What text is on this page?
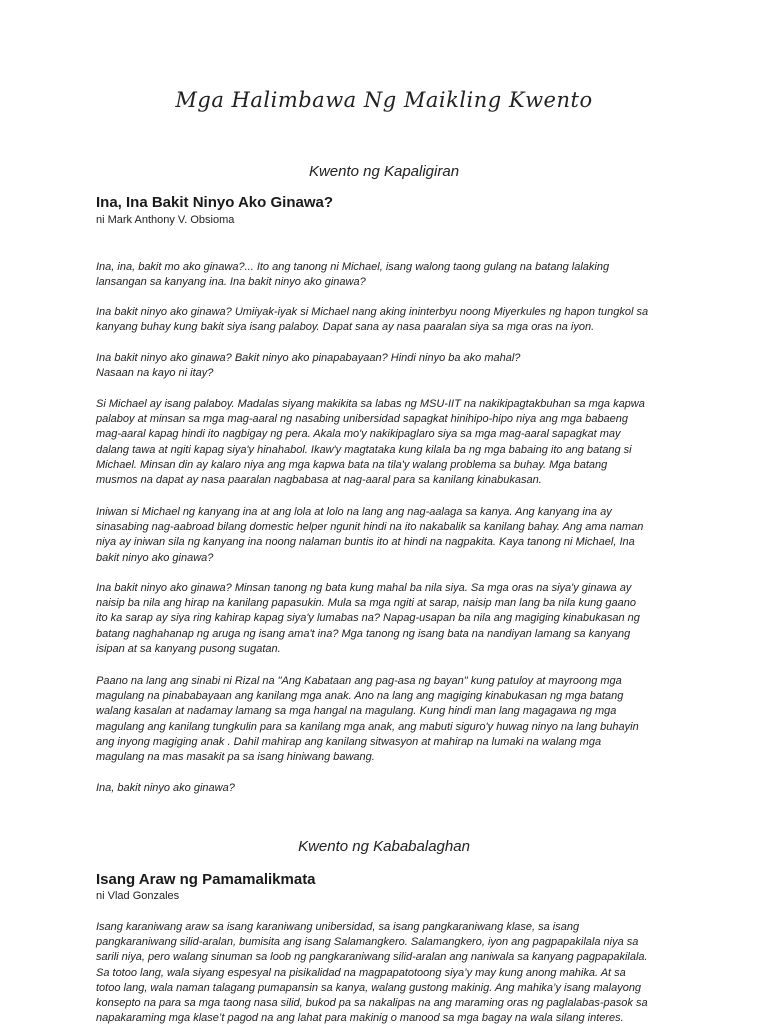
Mga Halimbawa Ng Maikling Kwento
Kwento ng Kapaligiran
Ina, Ina Bakit Ninyo Ako Ginawa?
ni Mark Anthony V. Obsioma

Ina, ina, bakit mo ako ginawa?... Ito ang tanong ni Michael, isang walong taong gulang na batang lalaking
lansangan sa kanyang ina. Ina bakit ninyo ako ginawa?

Ina bakit ninyo ako ginawa? Umiiyak-iyak si Michael nang aking ininterbyu noong Miyerkules ng hapon tungkol sa
kanyang buhay kung bakit siya isang palaboy. Dapat sana ay nasa paaralan siya sa mga oras na iyon.

Ina bakit ninyo ako ginawa? Bakit ninyo ako pinapabayaan? Hindi ninyo ba ako mahal?
Nasaan na kayo ni itay?

Si Michael ay isang palaboy. Madalas siyang makikita sa labas ng MSU-IIT na nakikipagtakbuhan sa mga kapwa
palaboy at minsan sa mga mag-aaral ng nasabing unibersidad sapagkat hinihipo-hipo niya ang mga babaeng
mag-aaral kapag hindi ito nagbigay ng pera. Akala mo'y nakikipaglaro siya sa mga mag-aaral sapagkat may
dalang tawa at ngiti kapag siya'y hinahabol. Ikaw'y magtataka kung kilala ba ng mga babaing ito ang batang si
Michael. Minsan din ay kalaro niya ang mga kapwa bata na tila'y walang problema sa buhay. Mga batang
musmos na dapat ay nasa paaralan nagbabasa at nag-aaral para sa kanilang kinabukasan.

Iniwan si Michael ng kanyang ina at ang lola at lolo na lang ang nag-aalaga sa kanya. Ang kanyang ina ay
sinasabing nag-aabroad bilang domestic helper ngunit hindi na ito nakabalik sa kanilang bahay. Ang ama naman
niya ay iniwan sila ng kanyang ina noong nalaman buntis ito at hindi na nagpakita. Kaya tanong ni Michael, Ina
bakit ninyo ako ginawa?

Ina bakit ninyo ako ginawa? Minsan tanong ng bata kung mahal ba nila siya. Sa mga oras na siya'y ginawa ay
naisip ba nila ang hirap na kanilang papasukin. Mula sa mga ngiti at sarap, naisip man lang ba nila kung gaano
ito ka sarap ay siya ring kahirap kapag siya'y lumabas na? Napag-usapan ba nila ang magiging kinabukasan ng
batang naghahanap ng aruga ng isang ama't ina? Mga tanong ng isang bata na nandiyan lamang sa kanyang
isipan at sa kanyang pusong sugatan.

Paano na lang ang sinabi ni Rizal na "Ang Kabataan ang pag-asa ng bayan" kung patuloy at mayroong mga
magulang na pinababayaan ang kanilang mga anak. Ano na lang ang magiging kinabukasan ng mga batang
walang kasalan at nadamay lamang sa mga hangal na magulang. Kung hindi man lang magagawa ng mga
magulang ang kanilang tungkulin para sa kanilang mga anak, ang mabuti siguro'y huwag ninyo na lang buhayin
ang inyong magiging anak . Dahil mahirap ang kanilang sitwasyon at mahirap na lumaki na walang mga
magulang na mas masakit pa sa isang hiniwang bawang.

Ina, bakit ninyo ako ginawa?

Kwento ng Kababalaghan
Isang Araw ng Pamamalikmata
ni Vlad Gonzales

Isang karaniwang araw sa isang karaniwang unibersidad, sa isang pangkaraniwang klase, sa isang
pangkaraniwang silid-aralan, bumisita ang isang Salamangkero. Salamangkero, iyon ang pagpapakilala niya sa
sarili niya, pero walang sinuman sa loob ng pangkaraniwang silid-aralan ang naniwala sa kanyang pagpapakilala.
Sa totoo lang, wala siyang espesyal na pisikalidad na magpapatotoong siya’y may kung anong mahika. At sa
totoo lang, wala naman talagang pumapansin sa kanya, walang gustong makinig. Ang mahika’y isang malayong
konsepto na para sa mga taong nasa silid, bukod pa sa nakalipas na ang maraming oras ng paglalabas-pasok sa
napakaraming mga klase’t pagod na ang lahat para makinig o manood sa mga bagay na wala silang interes.
